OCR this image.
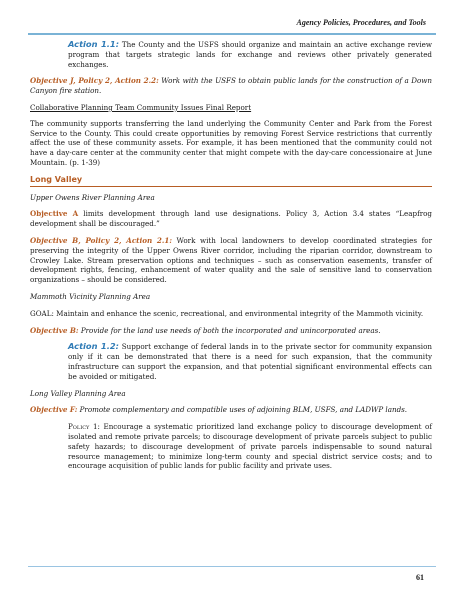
Agency Policies, Procedures, and Tools

Action 1.1: The County and the USFS should organize and maintain an active exchange review program that targets strategic lands for exchange and reviews other privately generated exchanges.

Objective J, Policy 2, Action 2.2: Work with the USFS to obtain public lands for the construction of a Down Canyon fire station.

Collaborative Planning Team Community Issues Final Report

The community supports transferring the land underlying the Community Center and Park from the Forest Service to the County. This could create opportunities by removing Forest Service restrictions that currently affect the use of these community assets. For example, it has been mentioned that the community could not have a day-care center at the community center that might compete with the day-care concessionaire at June Mountain. (p. 1-39)

Long Valley

Upper Owens River Planning Area

Objective A limits development through land use designations. Policy 3, Action 3.4 states “Leapfrog development shall be discouraged.”

Objective B, Policy 2, Action 2.1: Work with local landowners to develop coordinated strategies for preserving the integrity of the Upper Owens River corridor, including the riparian corridor, downstream to Crowley Lake. Stream preservation options and techniques – such as conservation easements, transfer of development rights, fencing, enhancement of water quality and the sale of sensitive land to conservation organizations – should be considered.

Mammoth Vicinity Planning Area

GOAL: Maintain and enhance the scenic, recreational, and environmental integrity of the Mammoth vicinity.

Objective B: Provide for the land use needs of both the incorporated and unincorporated areas.

Action 1.2: Support exchange of federal lands in to the private sector for community expansion only if it can be demonstrated that there is a need for such expansion, that the community infrastructure can support the expansion, and that potential significant environmental effects can be avoided or mitigated.

Long Valley Planning Area

Objective F: Promote complementary and compatible uses of adjoining BLM, USFS, and LADWP lands.

Policy 1: Encourage a systematic prioritized land exchange policy to discourage development of isolated and remote private parcels; to discourage development of private parcels subject to public safety hazards; to discourage development of private parcels indispensable to sound natural resource management; to minimize long-term county and special district service costs; and to encourage acquisition of public lands for public facility and private uses.

61
